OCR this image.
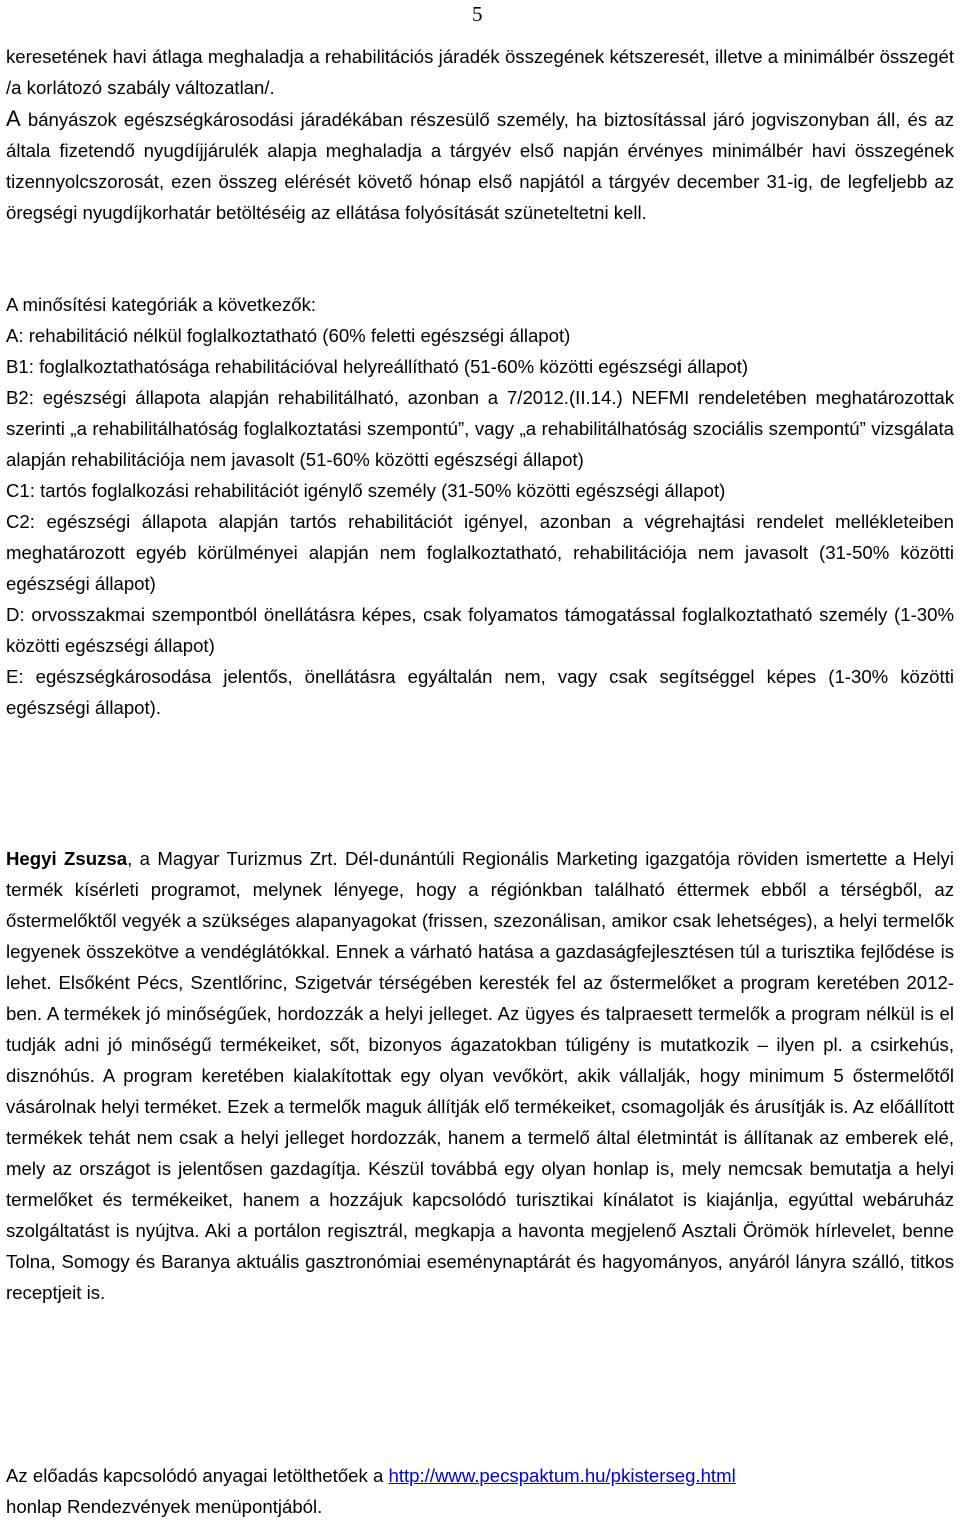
5

keresetének havi átlaga meghaladja a rehabilitációs járadék összegének kétszeresét, illetve a minimálbér összegét /a korlátozó szabály változatlan/.

A bányászok egészségkárosodási járadékában részesülő személy, ha biztosítással járó jogviszonyban áll, és az általa fizetendő nyugdíjjárulék alapja meghaladja a tárgyév első napján érvényes minimálbér havi összegének tizennyolcszorosát, ezen összeg elérését követő hónap első napjától a tárgyév december 31-ig, de legfeljebb az öregségi nyugdíjkorhatár betöltéséig az ellátása folyósítását szüneteltetni kell.

A minősítési kategóriák a következők:

A: rehabilitáció nélkül foglalkoztatható (60% feletti egészségi állapot)

B1: foglalkoztathatósága rehabilitációval helyreállítható (51-60% közötti egészségi állapot)

B2: egészségi állapota alapján rehabilitálható, azonban a 7/2012.(II.14.) NEFMI rendeletében meghatározottak szerinti „a rehabilitálhatóság foglalkoztatási szempontú”, vagy „a rehabilitálhatóság szociális szempontú” vizsgálata alapján rehabilitációja nem javasolt (51-60% közötti egészségi állapot)

C1: tartós foglalkozási rehabilitációt igénylő személy (31-50% közötti egészségi állapot)

C2: egészségi állapota alapján tartós rehabilitációt igényel, azonban a végrehajtási rendelet mellékleteiben meghatározott egyéb körülményei alapján nem foglalkoztatható, rehabilitációja nem javasolt (31-50% közötti egészségi állapot)

D: orvosszakmai szempontból önellátásra képes, csak folyamatos támogatással foglalkoztatható személy (1-30% közötti egészségi állapot)

E: egészségkárosodása jelentős, önellátásra egyáltalán nem, vagy csak segítséggel képes (1-30% közötti egészségi állapot).

Hegyi Zsuzsa, a Magyar Turizmus Zrt. Dél-dunántúli Regionális Marketing igazgatója röviden ismertette a Helyi termék kísérleti programot, melynek lényege, hogy a régiónkban található éttermek ebből a térségből, az őstermelőktől vegyék a szükséges alapanyagokat (frissen, szezonálisan, amikor csak lehetséges), a helyi termelők legyenek összekötve a vendéglátókkal. Ennek a várható hatása a gazdaságfejlesztésen túl a turisztika fejlődése is lehet. Elsőként Pécs, Szentlőrinc, Szigetvár térségében keresték fel az őstermelőket a program keretében 2012-ben. A termékek jó minőségűek, hordozzák a helyi jelleget. Az ügyes és talpraesett termelők a program nélkül is el tudják adni jó minőségű termékeiket, sőt, bizonyos ágazatokban túligény is mutatkozik – ilyen pl. a csirkehús, disznóhús. A program keretében kialakítottak egy olyan vevőkört, akik vállalják, hogy minimum 5 őstermelőtől vásárolnak helyi terméket. Ezek a termelők maguk állítják elő termékeiket, csomagolják és árusítják is. Az előállított termékek tehát nem csak a helyi jelleget hordozzák, hanem a termelő által életmintát is állítanak az emberek elé, mely az országot is jelentősen gazdagítja. Készül továbbá egy olyan honlap is, mely nemcsak bemutatja a helyi termelőket és termékeiket, hanem a hozzájuk kapcsolódó turisztikai kínálatot is kiajánlja, egyúttal webáruház szolgáltatást is nyújtva. Aki a portálon regisztrál, megkapja a havonta megjelenő Asztali Örömök hírlevelet, benne Tolna, Somogy és Baranya aktuális gasztronómiai eseménynaptárát és hagyományos, anyáról lányra szálló, titkos receptjeit is.

Az előadás kapcsolódó anyagai letölthetőek a http://www.pecspaktum.hu/pkisterseg.html
honlap Rendezvények menüpontjából.
